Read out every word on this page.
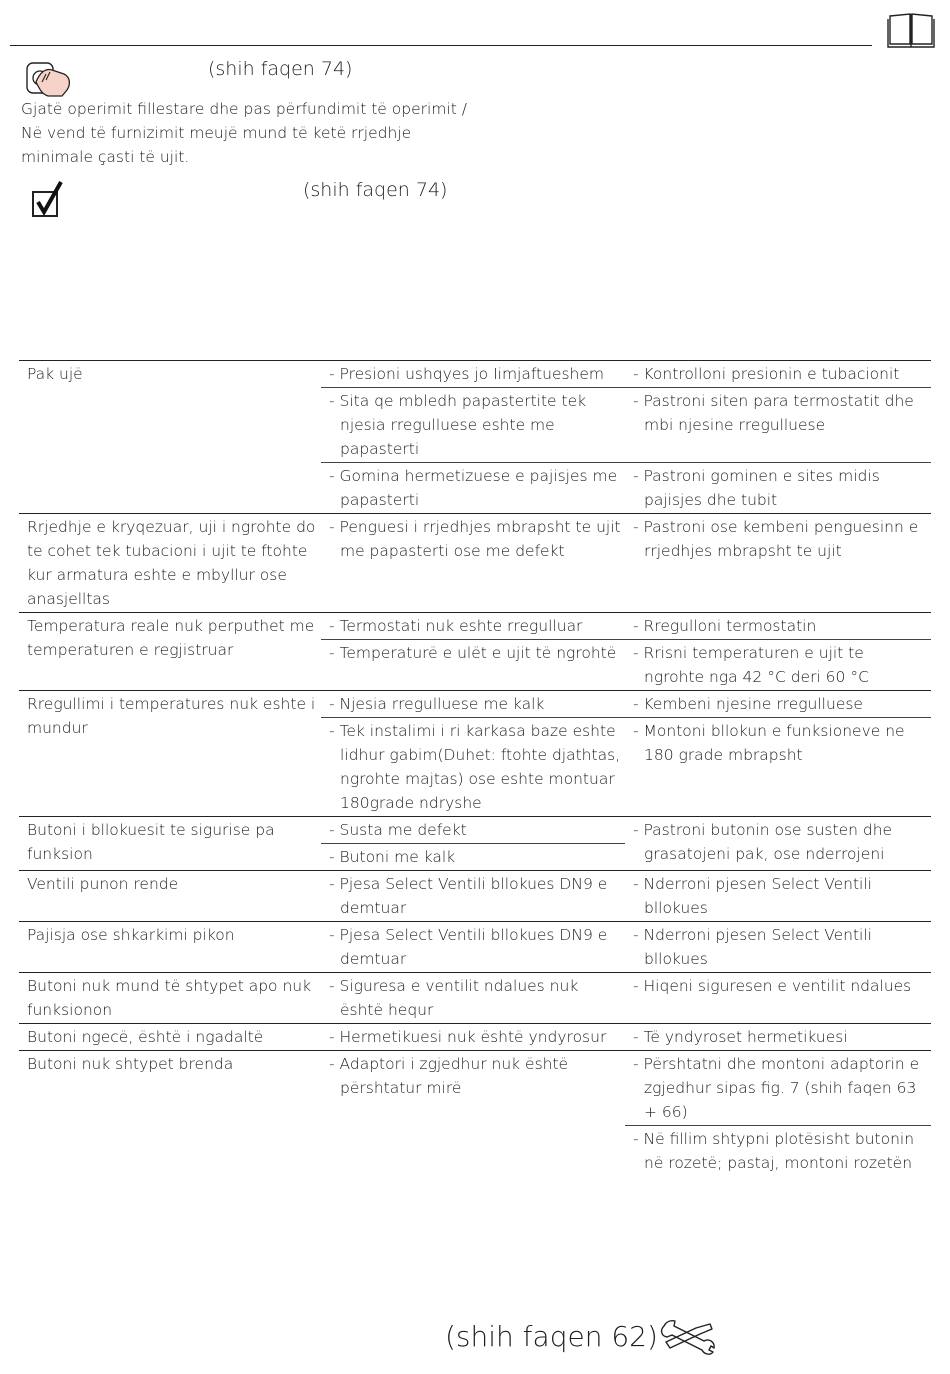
(shih faqen 74)
Gjatë operimit fillestare dhe pas përfundimit të operimit / Në vend të furnizimit meujë mund të ketë rrjedhje minimale çasti të ujit.
(shih faqen 74)
Pak ujë	- Presioni ushqyes jo Iimjaftueshem	- Kontrolloni presionin e tubacionit

	- Sita qe mbledh papastertite tek njesia rregulluese eshte me papasterti	- Pastroni siten para termostatit dhe mbi njesine rregulluese

	- Gomina hermetizuese e pajisjes me papasterti	- Pastroni gominen e sites midis pajisjes dhe tubit

Rrjedhje e kryqezuar, uji i ngrohte do te cohet tek tubacioni i ujit te ftohte kur armatura eshte e mbyllur ose anasjelltas	- Penguesi i rrjedhjes mbrapsht te ujit me papasterti ose me defekt	- Pastroni ose kembeni penguesinn e rrjedhjes mbrapsht te ujit

Temperatura reale nuk perputhet me temperaturen e regjistruar	- Termostati nuk eshte rregulluar	- Rregulloni termostatin

	- Temperaturë e ulët e ujit të ngrohtë	- Rrisni temperaturen e ujit te ngrohte nga 42 °C deri 60 °C

Rregullimi i temperatures nuk eshte i mundur	- Njesia rregulluese me kalk	- Kembeni njesine rregulluese

	- Tek instalimi i ri karkasa baze eshte lidhur gabim(Duhet: ftohte djathtas, ngrohte majtas) ose eshte montuar 180grade ndryshe	- Montoni bllokun e funksioneve ne 180 grade mbrapsht

Butoni i bllokuesit te sigurise pa funksion	- Susta me defekt	- Pastroni butonin ose susten dhe grasatojeni pak, ose nderrojeni

	- Butoni me kalk	

Ventili punon rende	- Pjesa Select Ventili bllokues DN9 e demtuar	- Nderroni pjesen Select Ventili bllokues

Pajisja ose shkarkimi pikon	- Pjesa Select Ventili bllokues DN9 e demtuar	- Nderroni pjesen Select Ventili bllokues

Butoni nuk mund të shtypet apo nuk funksionon	- Siguresa e ventilit ndalues nuk është hequr	- Hiqeni siguresen e ventilit ndalues

Butoni ngecë, është i ngadaltë	- Hermetikuesi nuk është yndyrosur	- Të yndyroset hermetikuesi

Butoni nuk shtypet brenda	- Adaptori i zgjedhur nuk është përshtatur mirë	- Përshtatni dhe montoni adaptorin e zgjedhur sipas fig. 7 (shih faqen 63 + 66)

		- Në fillim shtypni plotësisht butonin në rozetë; pastaj, montoni rozetën
(shih faqen 62)
